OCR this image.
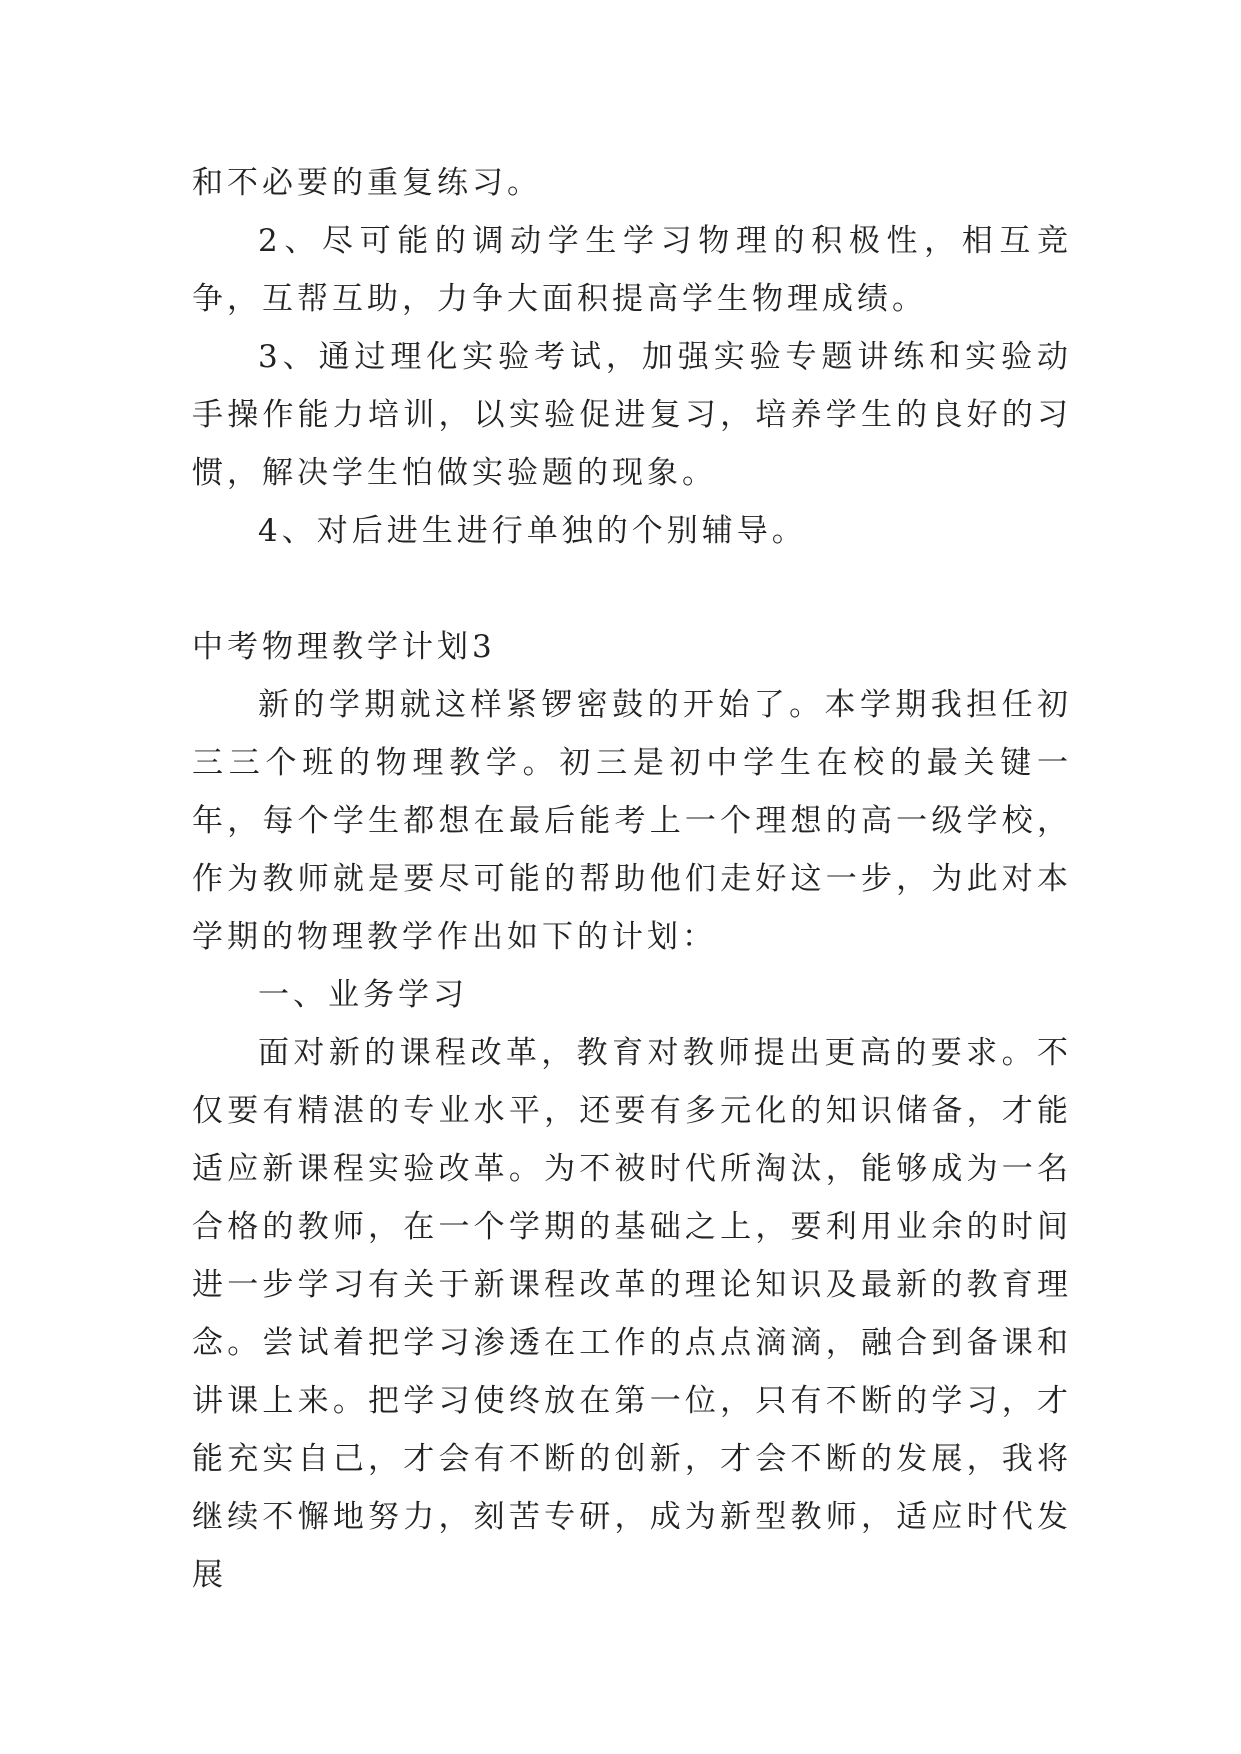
和不必要的重复练习。

2、尽可能的调动学生学习物理的积极性，相互竞争，互帮互助，力争大面积提高学生物理成绩。

3、通过理化实验考试，加强实验专题讲练和实验动手操作能力培训，以实验促进复习，培养学生的良好的习惯，解决学生怕做实验题的现象。

4、对后进生进行单独的个别辅导。

中考物理教学计划3

新的学期就这样紧锣密鼓的开始了。本学期我担任初三三个班的物理教学。初三是初中学生在校的最关键一年，每个学生都想在最后能考上一个理想的高一级学校，作为教师就是要尽可能的帮助他们走好这一步，为此对本学期的物理教学作出如下的计划：

一、业务学习

面对新的课程改革，教育对教师提出更高的要求。不仅要有精湛的专业水平，还要有多元化的知识储备，才能适应新课程实验改革。为不被时代所淘汰，能够成为一名合格的教师，在一个学期的基础之上，要利用业余的时间进一步学习有关于新课程改革的理论知识及最新的教育理念。尝试着把学习渗透在工作的点点滴滴，融合到备课和讲课上来。把学习使终放在第一位，只有不断的学习，才能充实自己，才会有不断的创新，才会不断的发展，我将继续不懈地努力，刻苦专研，成为新型教师，适应时代发展
